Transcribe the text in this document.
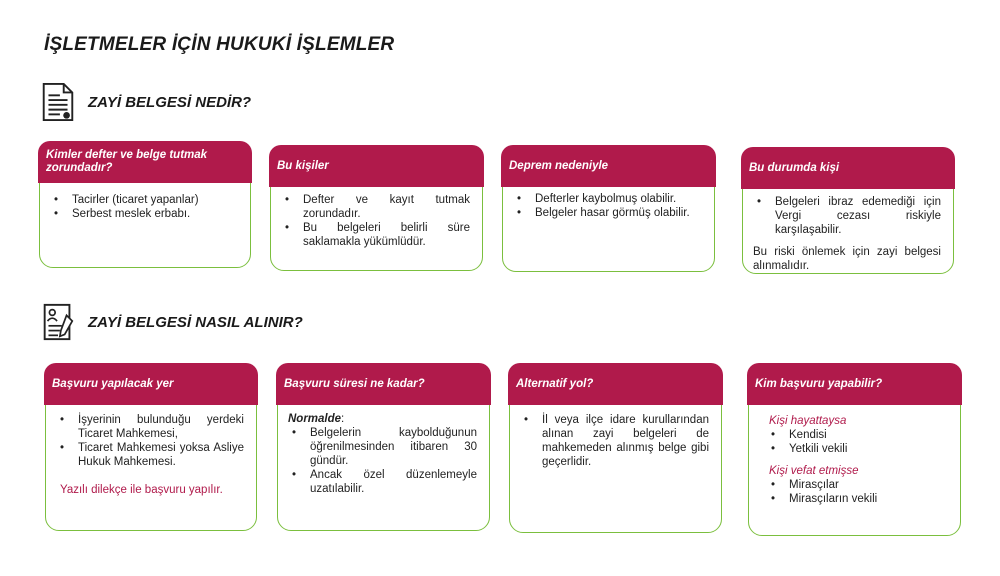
İŞLETMELER İÇİN HUKUKİ İŞLEMLER
ZAYİ BELGESİ NEDİR?
ZAYİ BELGESİ NASIL ALINIR?
Kimler defter ve belge tutmak zorundadır?
• Tacirler (ticaret yapanlar)
• Serbest meslek erbabı.
Bu kişiler
• Defter ve kayıt tutmak zorundadır.
• Bu belgeleri belirli süre saklamakla yükümlüdür.
Deprem nedeniyle
• Defterler kaybolmuş olabilir.
• Belgeler hasar görmüş olabilir.
Bu durumda kişi
• Belgeleri ibraz edemediği için Vergi cezası riskiyle karşılaşabilir.

Bu riski önlemek için zayi belgesi alınmalıdır.

Başvuru yapılacak yer
• İşyerinin bulunduğu yerdeki Ticaret Mahkemesi,
• Ticaret Mahkemesi yoksa Asliye Hukuk Mahkemesi.

Yazılı dilekçe ile başvuru yapılır.

Başvuru süresi ne kadar?

Normalde:

• Belgelerin kaybolduğunun öğrenilmesinden itibaren 30 gündür.
• Ancak özel düzenlemeyle uzatılabilir.
Alternatif yol?
• İl veya ilçe idare kurullarından alınan zayi belgeleri de mahkemeden alınmış belge gibi geçerlidir.
Kim başvuru yapabilir?

Kişi hayattaysa

• Kendisi
• Yetkili vekili

Kişi vefat etmişse

• Mirasçılar
• Mirasçıların vekili
